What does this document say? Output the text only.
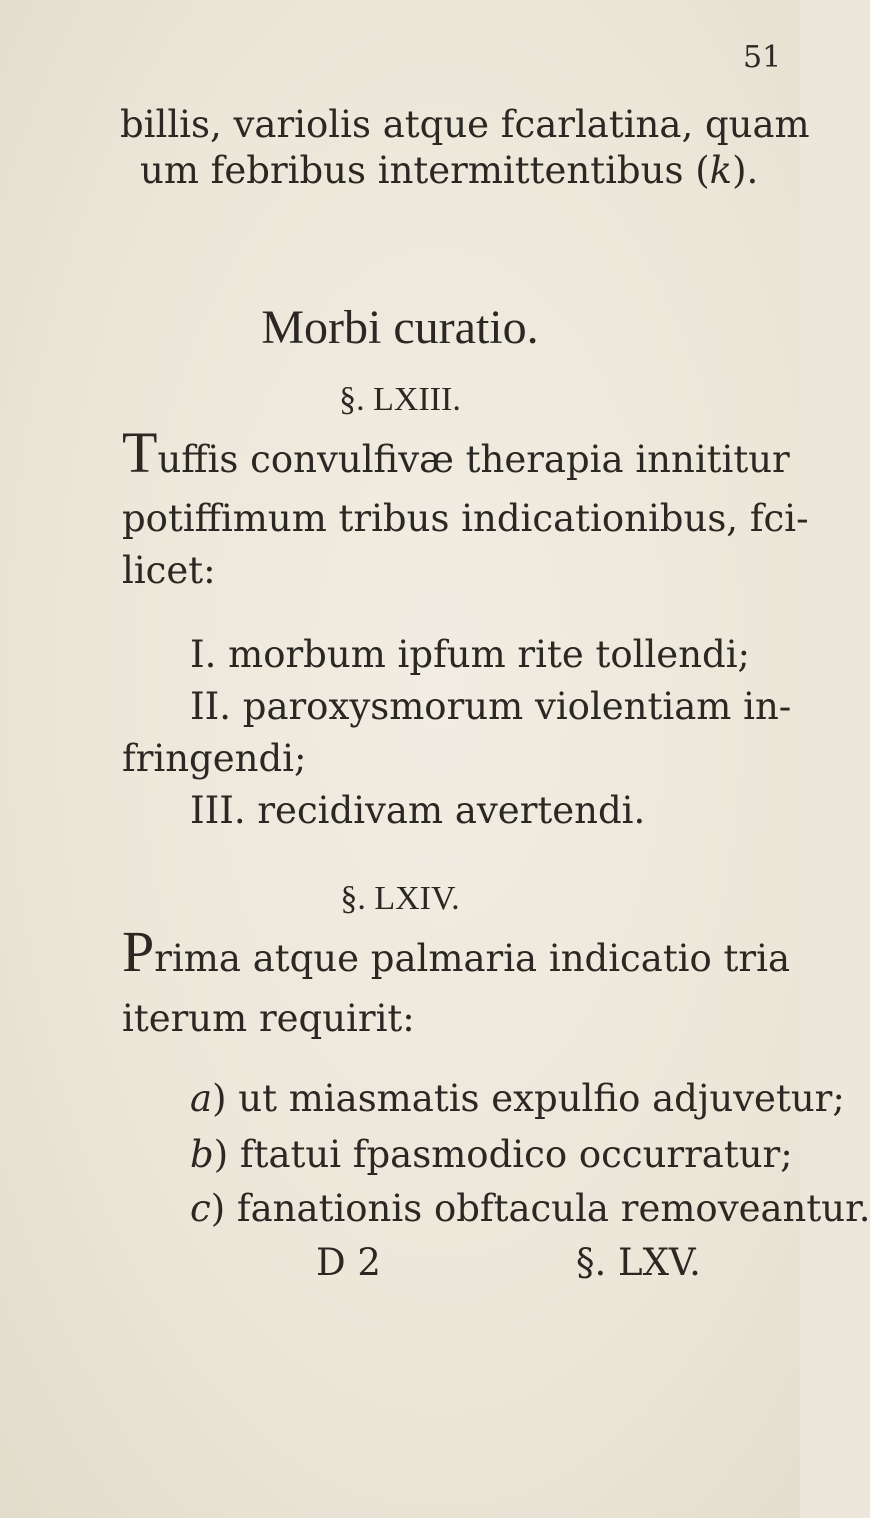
51
billis, variolis atque fcarlatina, quam
um febribus intermittentibus (k).
Morbi curatio.
§. LXIII.
Tuffis convulfivæ therapia innititur
potiffimum tribus indicationibus, fci-
licet:
I. morbum ipfum rite tollendi;
II. paroxysmorum violentiam in-
fringendi;
III. recidivam avertendi.
§. LXIV.
Prima atque palmaria indicatio tria
iterum requirit:
a) ut miasmatis expulfio adjuvetur;
b) ftatui fpasmodico occurratur;
c) fanationis obftacula removeantur.
D 2	§. LXV.
